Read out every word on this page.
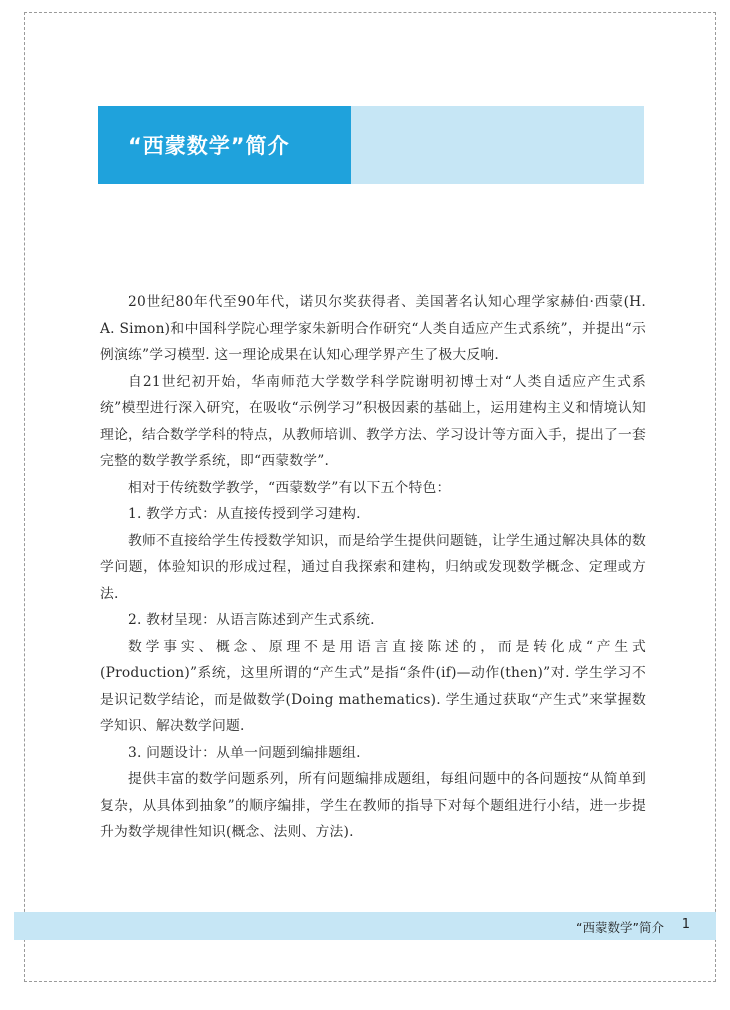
“西蒙数学”简介

20世纪80年代至90年代，诺贝尔奖获得者、美国著名认知心理学家赫伯·西蒙(H. A. Simon)和中国科学院心理学家朱新明合作研究“人类自适应产生式系统”，并提出“示例演练”学习模型. 这一理论成果在认知心理学界产生了极大反响.

自21世纪初开始，华南师范大学数学科学院谢明初博士对“人类自适应产生式系统”模型进行深入研究，在吸收“示例学习”积极因素的基础上，运用建构主义和情境认知理论，结合数学学科的特点，从教师培训、教学方法、学习设计等方面入手，提出了一套完整的数学教学系统，即“西蒙数学”.

相对于传统数学教学，“西蒙数学”有以下五个特色：

1. 教学方式：从直接传授到学习建构.

教师不直接给学生传授数学知识，而是给学生提供问题链，让学生通过解决具体的数学问题，体验知识的形成过程，通过自我探索和建构，归纳或发现数学概念、定理或方法.

2. 教材呈现：从语言陈述到产生式系统.

数学事实、概念、原理不是用语言直接陈述的，而是转化成“产生式(Production)”系统，这里所谓的“产生式”是指“条件(if)—动作(then)”对. 学生学习不是识记数学结论，而是做数学(Doing mathematics). 学生通过获取“产生式”来掌握数学知识、解决数学问题.

3. 问题设计：从单一问题到编排题组.

提供丰富的数学问题系列，所有问题编排成题组，每组问题中的各问题按“从简单到复杂，从具体到抽象”的顺序编排，学生在教师的指导下对每个题组进行小结，进一步提升为数学规律性知识(概念、法则、方法).

“西蒙数学”简介 1
